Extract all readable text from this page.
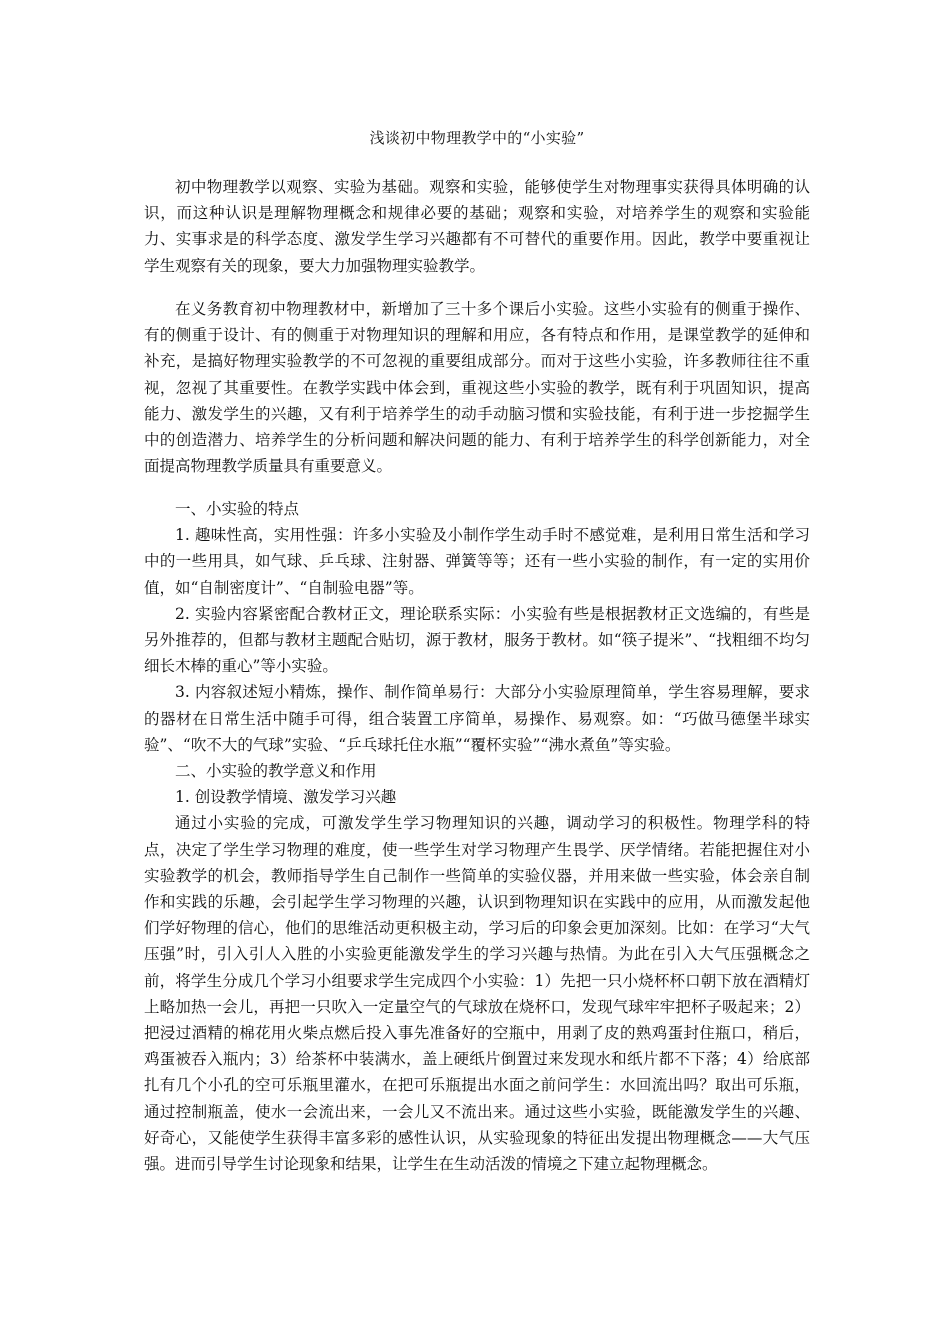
浅谈初中物理教学中的“小实验”

初中物理教学以观察、实验为基础。观察和实验，能够使学生对物理事实获得具体明确的认识，而这种认识是理解物理概念和规律必要的基础；观察和实验，对培养学生的观察和实验能力、实事求是的科学态度、激发学生学习兴趣都有不可替代的重要作用。因此，教学中要重视让学生观察有关的现象，要大力加强物理实验教学。

在义务教育初中物理教材中，新增加了三十多个课后小实验。这些小实验有的侧重于操作、有的侧重于设计、有的侧重于对物理知识的理解和用应，各有特点和作用，是课堂教学的延伸和补充，是搞好物理实验教学的不可忽视的重要组成部分。而对于这些小实验，许多教师往往不重视，忽视了其重要性。在教学实践中体会到，重视这些小实验的教学，既有利于巩固知识，提高能力、激发学生的兴趣，又有利于培养学生的动手动脑习惯和实验技能，有利于进一步挖掘学生中的创造潜力、培养学生的分析问题和解决问题的能力、有利于培养学生的科学创新能力，对全面提高物理教学质量具有重要意义。

一、小实验的特点

1. 趣味性高，实用性强：许多小实验及小制作学生动手时不感觉难，是利用日常生活和学习中的一些用具，如气球、乒乓球、注射器、弹簧等等；还有一些小实验的制作，有一定的实用价值，如“自制密度计”、“自制验电器”等。

2. 实验内容紧密配合教材正文，理论联系实际：小实验有些是根据教材正文选编的，有些是另外推荐的，但都与教材主题配合贴切，源于教材，服务于教材。如“筷子提米”、“找粗细不均匀细长木棒的重心”等小实验。

3. 内容叙述短小精炼，操作、制作简单易行：大部分小实验原理简单，学生容易理解，要求的器材在日常生活中随手可得，组合装置工序简单，易操作、易观察。如：“巧做马德堡半球实验”、“吹不大的气球”实验、“乒乓球托住水瓶”“覆杯实验”“沸水煮鱼”等实验。

二、小实验的教学意义和作用

1. 创设教学情境、激发学习兴趣

通过小实验的完成，可激发学生学习物理知识的兴趣，调动学习的积极性。物理学科的特点，决定了学生学习物理的难度，使一些学生对学习物理产生畏学、厌学情绪。若能把握住对小实验教学的机会，教师指导学生自己制作一些简单的实验仪器，并用来做一些实验，体会亲自制作和实践的乐趣，会引起学生学习物理的兴趣，认识到物理知识在实践中的应用，从而激发起他们学好物理的信心，他们的思维活动更积极主动，学习后的印象会更加深刻。比如：在学习“大气压强”时，引入引人入胜的小实验更能激发学生的学习兴趣与热情。为此在引入大气压强概念之前，将学生分成几个学习小组要求学生完成四个小实验：1）先把一只小烧杯杯口朝下放在酒精灯上略加热一会儿，再把一只吹入一定量空气的气球放在烧杯口，发现气球牢牢把杯子吸起来；2）把浸过酒精的棉花用火柴点燃后投入事先准备好的空瓶中，用剥了皮的熟鸡蛋封住瓶口，稍后，鸡蛋被吞入瓶内；3）给茶杯中装满水，盖上硬纸片倒置过来发现水和纸片都不下落；4）给底部扎有几个小孔的空可乐瓶里灌水，在把可乐瓶提出水面之前问学生：水回流出吗？取出可乐瓶，通过控制瓶盖，使水一会流出来，一会儿又不流出来。通过这些小实验，既能激发学生的兴趣、好奇心，又能使学生获得丰富多彩的感性认识，从实验现象的特征出发提出物理概念——大气压强。进而引导学生讨论现象和结果，让学生在生动活泼的情境之下建立起物理概念。
